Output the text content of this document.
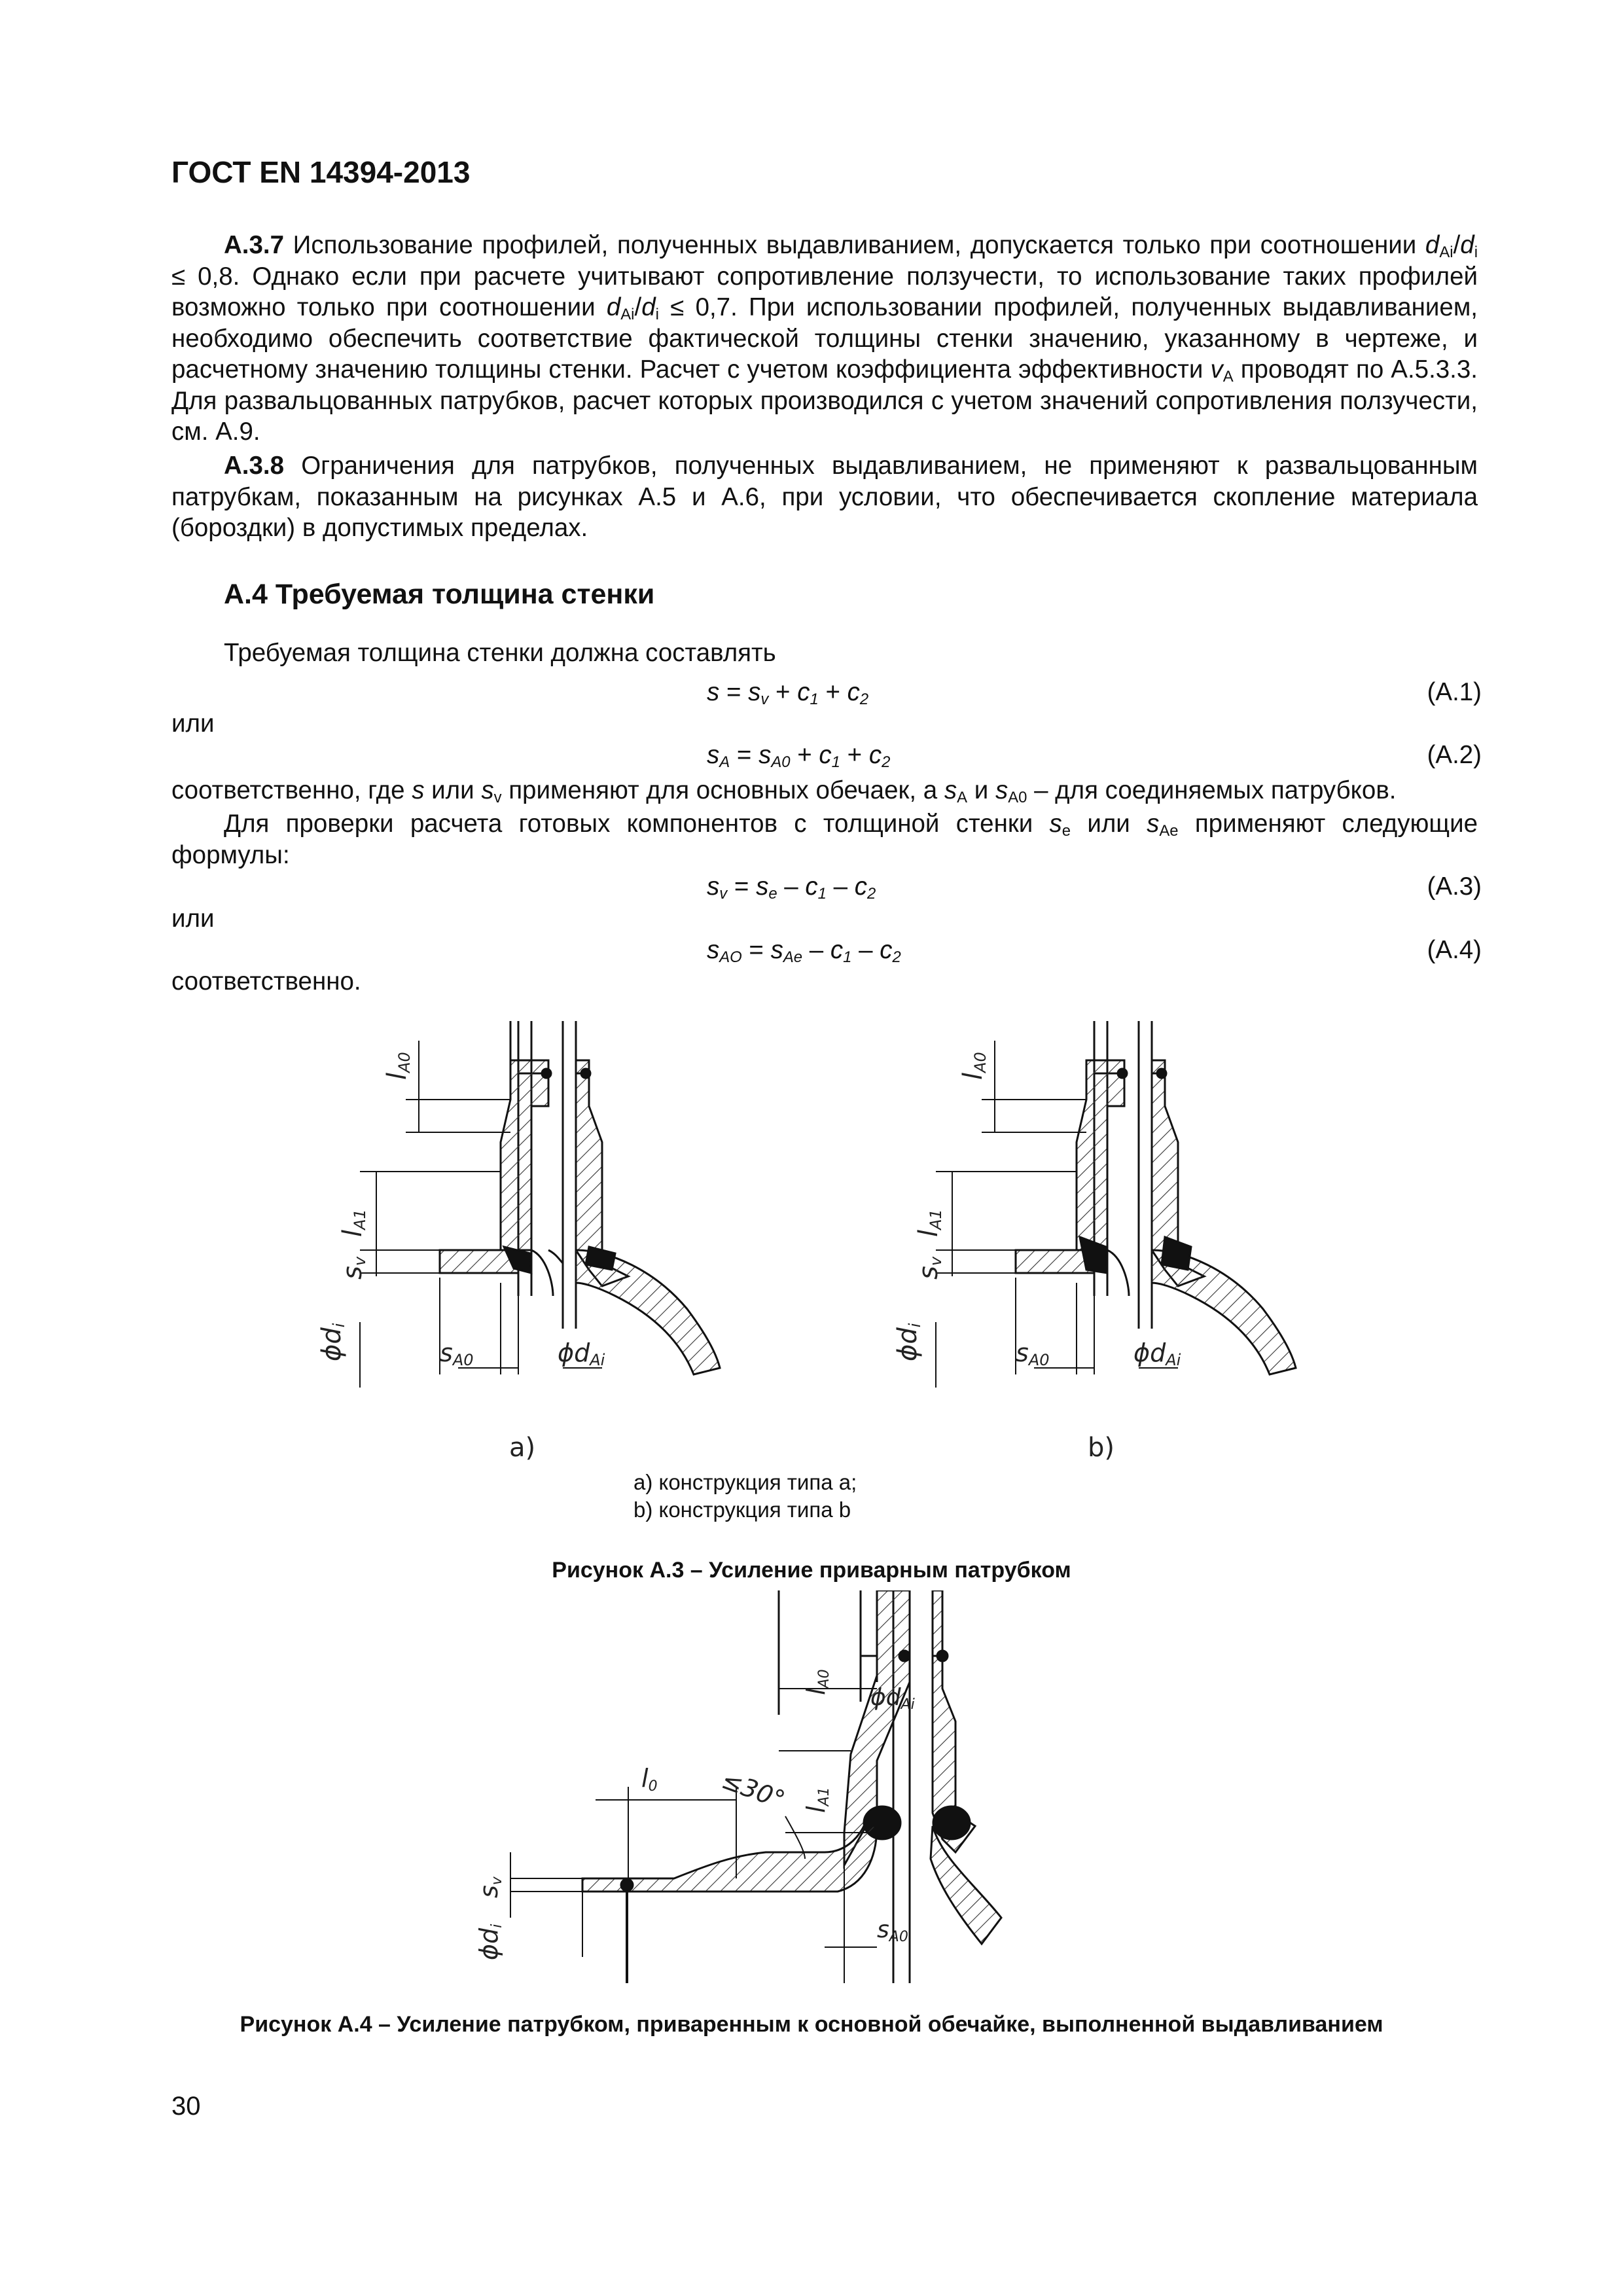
ГОСТ EN 14394-2013
А.3.7 Использование профилей, полученных выдавливанием, допускается только при соотношении $d_{Ai}/d_i \le 0,8$. Однако если при расчете учитывают сопротивление ползучести, то использование таких профилей возможно только при соотношении $d_{Ai}/d_i \le 0,7$. При использовании профилей, полученных выдавливанием, необходимо обеспечить соответствие фактической толщины стенки значению, указанному в чертеже, и расчетному значению толщины стенки. Расчет с учетом коэффициента эффективности $v_A$ проводят по А.5.3.3. Для развальцованных патрубков, расчет которых производился с учетом значений сопротивления ползучести, см. А.9.
А.3.8 Ограничения для патрубков, полученных выдавливанием, не применяют к развальцованным патрубкам, показанным на рисунках А.5 и А.6, при условии, что обеспечивается скопление материала (бороздки) в допустимых пределах.
А.4 Требуемая толщина стенки
Требуемая толщина стенки должна составлять
$s = s_v + c_1 + c_2$	(А.1)
или
$s_A = s_{A0} + c_1 + c_2$	(А.2)
соответственно, где s или $s_v$ применяют для основных обечаек, а $s_A$ и $s_{A0}$ – для соединяемых патрубков.
Для проверки расчета готовых компонентов с толщиной стенки $s_e$ или $s_{Ae}$ применяют следующие формулы:
$s_v = s_e - c_1 - c_2$	(А.3)
или
$s_{AO} = s_{Ae} - c_1 - c_2$	(А.4)
соответственно.
lA0
lA1
sv
ϕdi
sA0	ϕdAi
lA0
lA1
sv
ϕdi
sA0	ϕdAi
a)	b)
a) конструкция типа a;
b) конструкция типа b
Рисунок А.3 – Усиление приварным патрубком
lA0
lA1
l0 ≤30°
sv
ϕdi
ϕdAi
sA0
Рисунок А.4 – Усиление патрубком, приваренным к основной обечайке, выполненной выдавливанием
30
